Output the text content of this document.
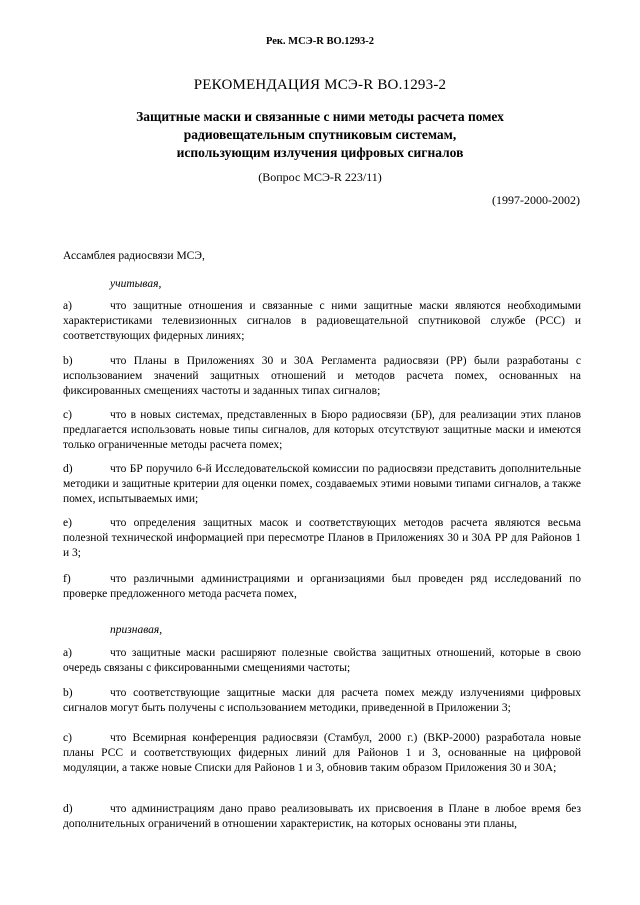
Рек. МСЭ-R BO.1293-2
РЕКОМЕНДАЦИЯ МСЭ-R BO.1293-2
Защитные маски и связанные с ними методы расчета помех
радиовещательным спутниковым системам,
использующим излучения цифровых сигналов
(Вопрос МСЭ-R 223/11)
(1997-2000-2002)
Ассамблея радиосвязи МСЭ,
учитывая,
a)	что защитные отношения и связанные с ними защитные маски являются необходимыми характеристиками телевизионных сигналов в радиовещательной спутниковой службе (РСС) и соответствующих фидерных линиях;
b)	что Планы в Приложениях 30 и 30А Регламента радиосвязи (РР) были разработаны с использованием значений защитных отношений и методов расчета помех, основанных на фиксированных смещениях частоты и заданных типах сигналов;
c)	что в новых системах, представленных в Бюро радиосвязи (БР), для реализации этих планов предлагается использовать новые типы сигналов, для которых отсутствуют защитные маски и имеются только ограниченные методы расчета помех;
d)	что БР поручило 6-й Исследовательской комиссии по радиосвязи представить дополнительные методики и защитные критерии для оценки помех, создаваемых этими новыми типами сигналов, а также помех, испытываемых ими;
e)	что определения защитных масок и соответствующих методов расчета являются весьма полезной технической информацией при пересмотре Планов в Приложениях 30 и 30А РР для Районов 1 и 3;
f)	что различными администрациями и организациями был проведен ряд исследований по проверке предложенного метода расчета помех,
признавая,
a)	что защитные маски расширяют полезные свойства защитных отношений, которые в свою очередь связаны с фиксированными смещениями частоты;
b)	что соответствующие защитные маски для расчета помех между излучениями цифровых сигналов могут быть получены с использованием методики, приведенной в Приложении 3;
c)	что Всемирная конференция радиосвязи (Стамбул, 2000 г.) (ВКР-2000) разработала новые планы РСС и соответствующих фидерных линий для Районов 1 и 3, основанные на цифровой модуляции, а также новые Списки для Районов 1 и 3, обновив таким образом Приложения 30 и 30А;
d)	что администрациям дано право реализовывать их присвоения в Плане в любое время без дополнительных ограничений в отношении характеристик, на которых основаны эти планы,
